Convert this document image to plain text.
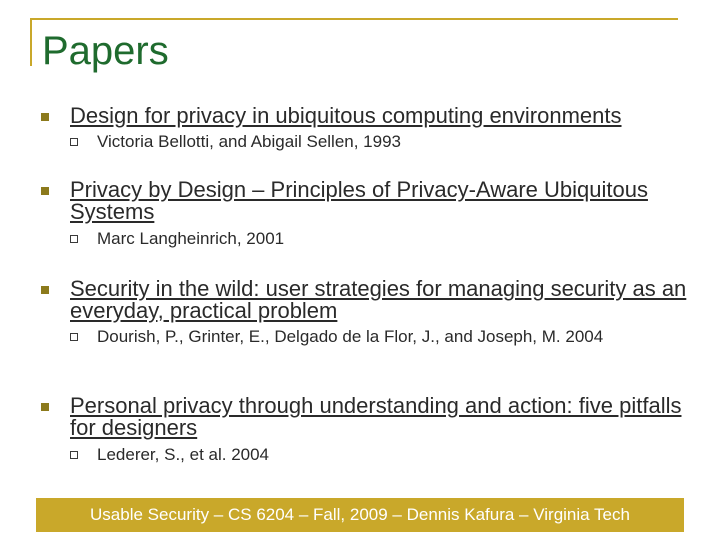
Papers
Design for privacy in ubiquitous computing environments
Victoria Bellotti, and Abigail Sellen, 1993
Privacy by Design – Principles of Privacy-Aware Ubiquitous Systems
Marc Langheinrich, 2001
Security in the wild: user strategies for managing security as an everyday, practical problem
Dourish, P., Grinter, E., Delgado de la Flor, J., and Joseph, M. 2004
Personal privacy through understanding and action: five pitfalls for designers
Lederer, S., et al. 2004
Usable Security – CS 6204 – Fall, 2009 – Dennis Kafura – Virginia Tech
